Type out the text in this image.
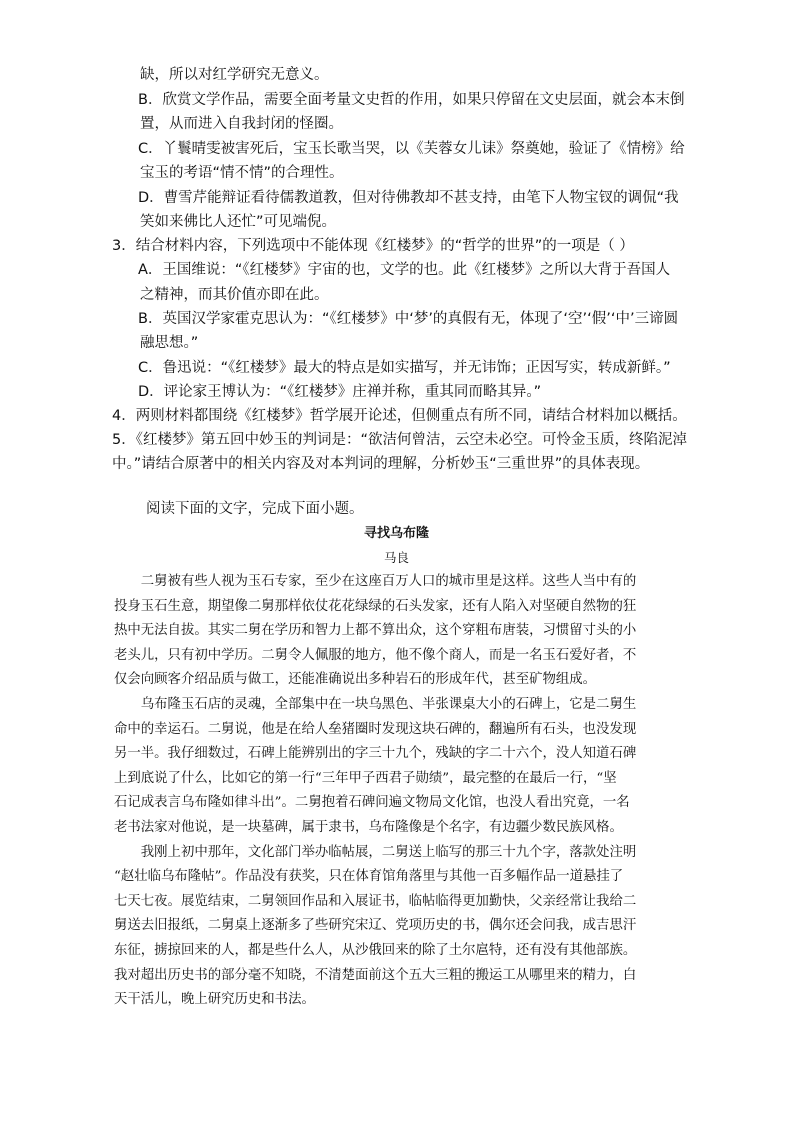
缺，所以对红学研究无意义。
B．欣赏文学作品，需要全面考量文史哲的作用，如果只停留在文史层面，就会本末倒
置，从而进入自我封闭的怪圈。
C．丫鬟晴雯被害死后，宝玉长歌当哭，以《芙蓉女儿诔》祭奠她，验证了《情榜》给
宝玉的考语“情不情”的合理性。
D．曹雪芹能辩证看待儒教道教，但对待佛教却不甚支持，由笔下人物宝钗的调侃“我
笑如来佛比人还忙”可见端倪。
3．结合材料内容，下列选项中不能体现《红楼梦》的“哲学的世界”的一项是（ ）
A．王国维说：“《红楼梦》宇宙的也，文学的也。此《红楼梦》之所以大背于吾国人
之精神，而其价值亦即在此。
B．英国汉学家霍克思认为：“《红楼梦》中‘梦’的真假有无，体现了‘空’‘假’‘中’三谛圆
融思想。”
C．鲁迅说：“《红楼梦》最大的特点是如实描写，并无讳饰；正因写实，转成新鲜。”
D．评论家王博认为：“《红楼梦》庄禅并称，重其同而略其异。”
4．两则材料都围绕《红楼梦》哲学展开论述，但侧重点有所不同，请结合材料加以概括。
5．《红楼梦》第五回中妙玉的判词是：“欲洁何曾洁，云空未必空。可怜金玉质，终陷泥淖
中。”请结合原著中的相关内容及对本判词的理解，分析妙玉“三重世界”的具体表现。
阅读下面的文字，完成下面小题。
寻找乌布隆
马良
　　二舅被有些人视为玉石专家，至少在这座百万人口的城市里是这样。这些人当中有的
投身玉石生意，期望像二舅那样依仗花花绿绿的石头发家，还有人陷入对坚硬自然物的狂
热中无法自拔。其实二舅在学历和智力上都不算出众，这个穿粗布唐装，习惯留寸头的小
老头儿，只有初中学历。二舅令人佩服的地方，他不像个商人，而是一名玉石爱好者，不
仅会向顾客介绍品质与做工，还能准确说出多种岩石的形成年代，甚至矿物组成。
　　乌布隆玉石店的灵魂，全部集中在一块乌黑色、半张课桌大小的石碑上，它是二舅生
命中的幸运石。二舅说，他是在给人垒猪圈时发现这块石碑的，翻遍所有石头，也没发现
另一半。我仔细数过，石碑上能辨别出的字三十九个，残缺的字二十六个，没人知道石碑
上到底说了什么，比如它的第一行“三年甲子西君子勋绩”，最完整的在最后一行，“坚
石记成表言乌布隆如律斗出”。二舅抱着石碑问遍文物局文化馆，也没人看出究竟，一名
老书法家对他说，是一块墓碑，属于隶书，乌布隆像是个名字，有边疆少数民族风格。
　　我刚上初中那年，文化部门举办临帖展，二舅送上临写的那三十九个字，落款处注明
“赵壮临乌布隆帖”。作品没有获奖，只在体育馆角落里与其他一百多幅作品一道悬挂了
七天七夜。展览结束，二舅领回作品和入展证书，临帖临得更加勤快，父亲经常让我给二
舅送去旧报纸，二舅桌上逐渐多了些研究宋辽、党项历史的书，偶尔还会问我，成吉思汗
东征，掳掠回来的人，都是些什么人，从沙俄回来的除了土尔扈特，还有没有其他部族。
我对超出历史书的部分毫不知晓，不清楚面前这个五大三粗的搬运工从哪里来的精力，白
天干活儿，晚上研究历史和书法。
